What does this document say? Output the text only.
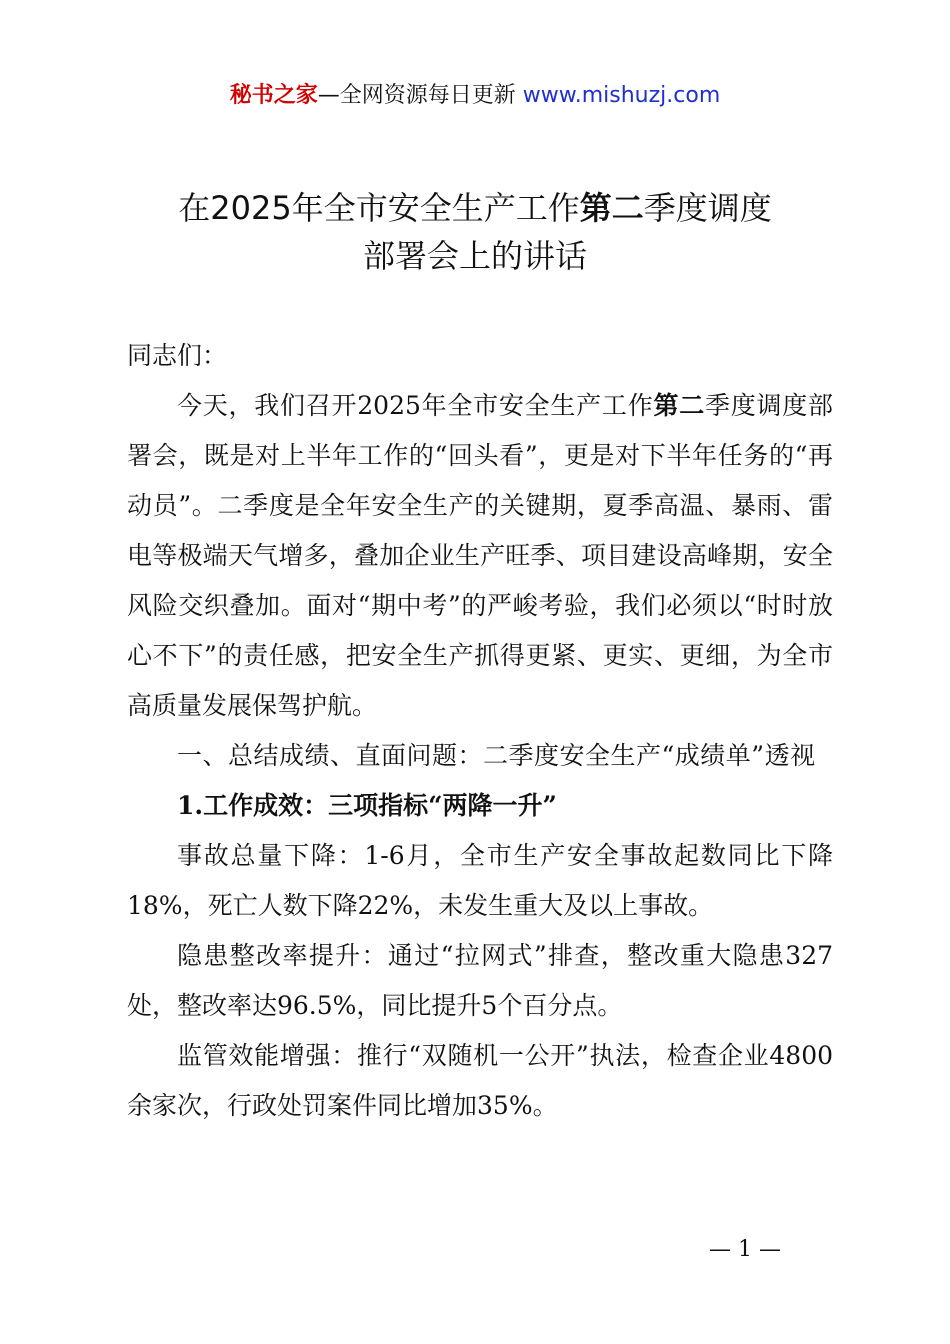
秘书之家—全网资源每日更新 www.mishuzj.com
在2025年全市安全生产工作第二季度调度
部署会上的讲话
同志们：

今天，我们召开2025年全市安全生产工作第二季度调度部署会，既是对上半年工作的“回头看”，更是对下半年任务的“再动员”。二季度是全年安全生产的关键期，夏季高温、暴雨、雷电等极端天气增多，叠加企业生产旺季、项目建设高峰期，安全风险交织叠加。面对“期中考”的严峻考验，我们必须以“时时放心不下”的责任感，把安全生产抓得更紧、更实、更细，为全市高质量发展保驾护航。

一、总结成绩、直面问题：二季度安全生产“成绩单”透视

1.工作成效：三项指标“两降一升”

事故总量下降：1-6月，全市生产安全事故起数同比下降18%，死亡人数下降22%，未发生重大及以上事故。

隐患整改率提升：通过“拉网式”排查，整改重大隐患327处，整改率达96.5%，同比提升5个百分点。

监管效能增强：推行“双随机一公开”执法，检查企业4800余家次，行政处罚案件同比增加35%。

— 1 —
